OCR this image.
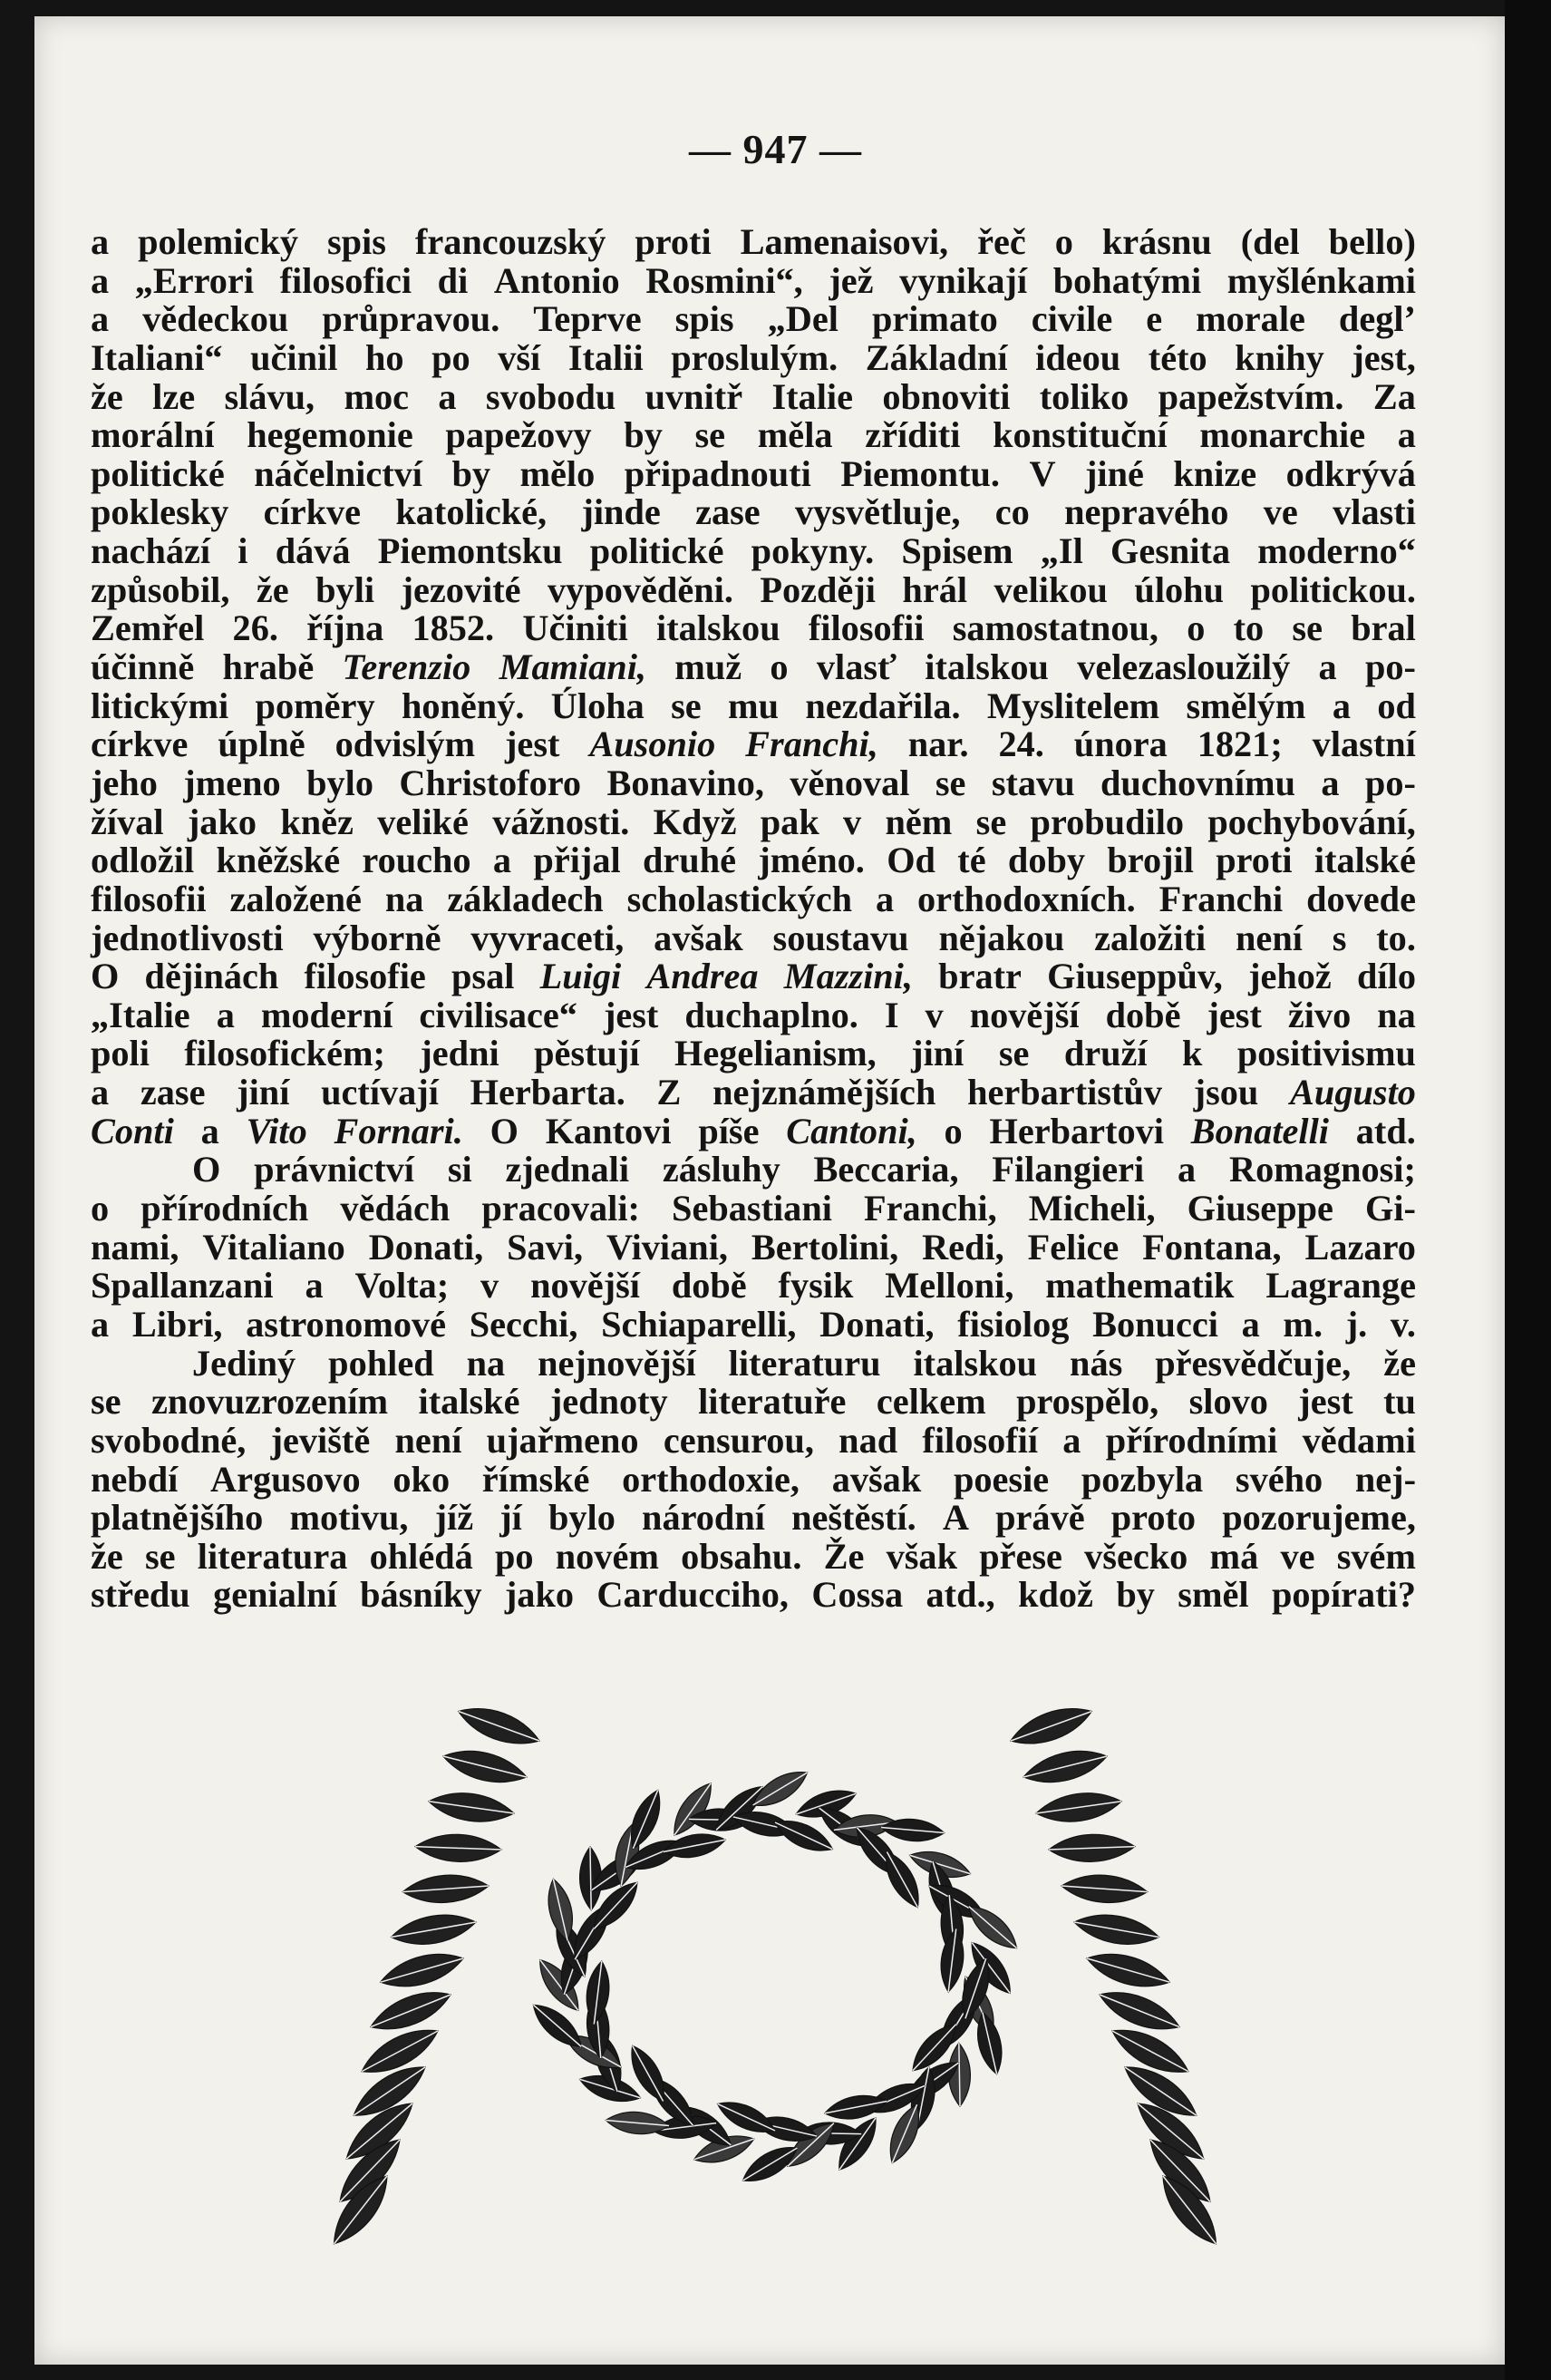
— 947 —
a polemický spis francouzský proti Lamenaisovi, řeč o krásnu (del bello)
a „Errori filosofici di Antonio Rosmini“, jež vynikají bohatými myšlénkami
a vědeckou průpravou. Teprve spis „Del primato civile e morale degl’
Italiani“ učinil ho po vší Italii proslulým. Základní ideou této knihy jest,
že lze slávu, moc a svobodu uvnitř Italie obnoviti toliko papežstvím. Za
morální hegemonie papežovy by se měla zříditi konstituční monarchie a
politické náčelnictví by mělo připadnouti Piemontu. V jiné knize odkrývá
poklesky církve katolické, jinde zase vysvětluje, co nepravého ve vlasti
nachází i dává Piemontsku politické pokyny. Spisem „Il Gesnita moderno“
způsobil, že byli jezovité vypověděni. Později hrál velikou úlohu politickou.
Zemřel 26. října 1852. Učiniti italskou filosofii samostatnou, o to se bral
účinně hrabě Terenzio Mamiani, muž o vlasť italskou velezasloužilý a po-
litickými poměry honěný. Úloha se mu nezdařila. Myslitelem smělým a od
církve úplně odvislým jest Ausonio Franchi, nar. 24. února 1821; vlastní
jeho jmeno bylo Christoforo Bonavino, věnoval se stavu duchovnímu a po-
žíval jako kněz veliké vážnosti. Když pak v něm se probudilo pochybování,
odložil kněžské roucho a přijal druhé jméno. Od té doby brojil proti italské
filosofii založené na základech scholastických a orthodoxních. Franchi dovede
jednotlivosti výborně vyvraceti, avšak soustavu nějakou založiti není s to.
O dějinách filosofie psal Luigi Andrea Mazzini, bratr Giuseppův, jehož dílo
„Italie a moderní civilisace“ jest duchaplno. I v novější době jest živo na
poli filosofickém; jedni pěstují Hegelianism, jiní se druží k positivismu
a zase jiní uctívají Herbarta. Z nejznámějších herbartistův jsou Augusto
Conti a Vito Fornari. O Kantovi píše Cantoni, o Herbartovi Bonatelli atd.
O právnictví si zjednali zásluhy Beccaria, Filangieri a Romagnosi;
o přírodních vědách pracovali: Sebastiani Franchi, Micheli, Giuseppe Gi-
nami, Vitaliano Donati, Savi, Viviani, Bertolini, Redi, Felice Fontana, Lazaro
Spallanzani a Volta; v novější době fysik Melloni, mathematik Lagrange
a Libri, astronomové Secchi, Schiaparelli, Donati, fisiolog Bonucci a m. j. v.
Jediný pohled na nejnovější literaturu italskou nás přesvědčuje, že
se znovuzrozením italské jednoty literatuře celkem prospělo, slovo jest tu
svobodné, jeviště není ujařmeno censurou, nad filosofií a přírodními vědami
nebdí Argusovo oko římské orthodoxie, avšak poesie pozbyla svého nej-
platnějšího motivu, jíž jí bylo národní neštěstí. A právě proto pozorujeme,
že se literatura ohlédá po novém obsahu. Že však přese všecko má ve svém
středu genialní básníky jako Carducciho, Cossa atd., kdož by směl popírati?
